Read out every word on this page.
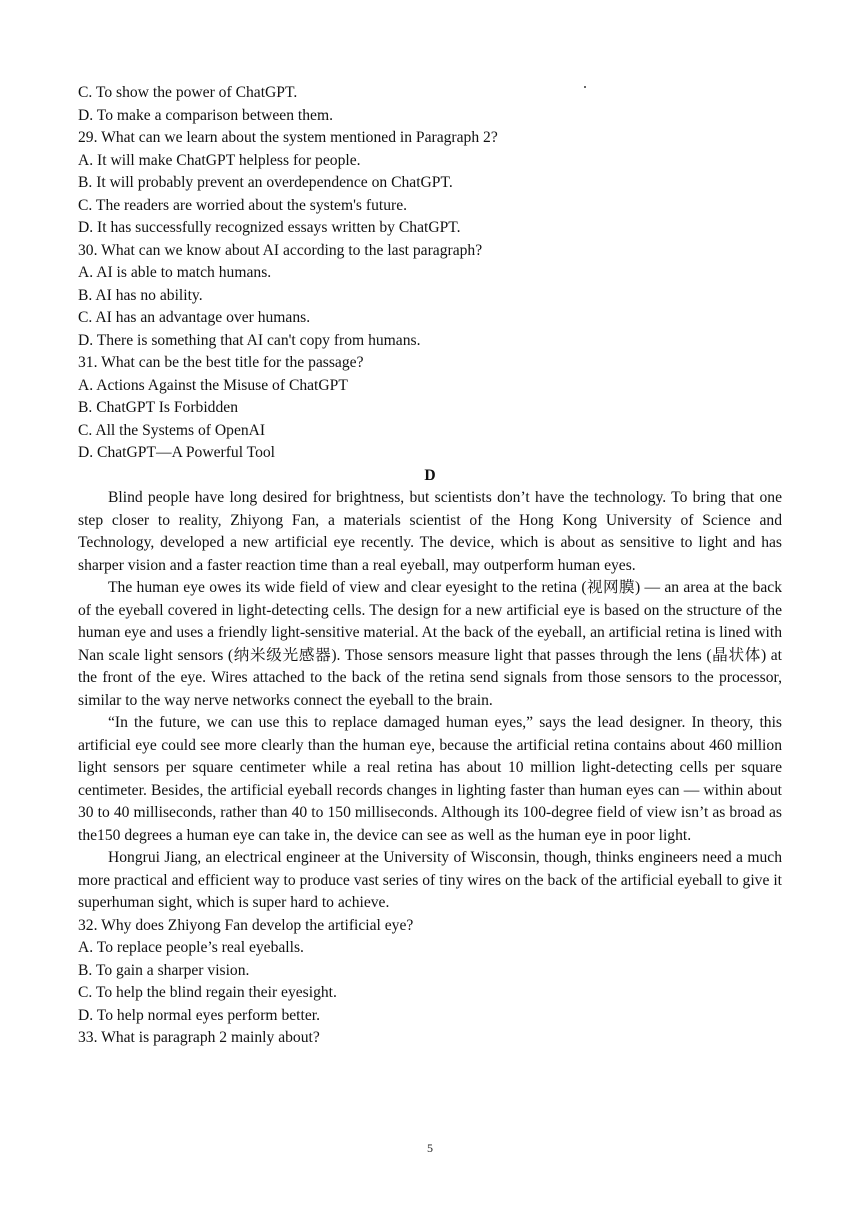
C. To show the power of ChatGPT.
D. To make a comparison between them.
29. What can we learn about the system mentioned in Paragraph 2?
A. It will make ChatGPT helpless for people.
B. It will probably prevent an overdependence on ChatGPT.
C. The readers are worried about the system's future.
D. It has successfully recognized essays written by ChatGPT.
30. What can we know about AI according to the last paragraph?
A. AI is able to match humans.
B. AI has no ability.
C. AI has an advantage over humans.
D. There is something that AI can't copy from humans.
31. What can be the best title for the passage?
A. Actions Against the Misuse of ChatGPT
B. ChatGPT Is Forbidden
C. All the Systems of OpenAI
D. ChatGPT—A Powerful Tool
D

Blind people have long desired for brightness, but scientists don’t have the technology. To bring that one step closer to reality, Zhiyong Fan, a materials scientist of the Hong Kong University of Science and Technology, developed a new artificial eye recently. The device, which is about as sensitive to light and has sharper vision and a faster reaction time than a real eyeball, may outperform human eyes.

The human eye owes its wide field of view and clear eyesight to the retina (视网膜) — an area at the back of the eyeball covered in light-detecting cells. The design for a new artificial eye is based on the structure of the human eye and uses a friendly light-sensitive material. At the back of the eyeball, an artificial retina is lined with Nan scale light sensors (纳米级光感器). Those sensors measure light that passes through the lens (晶状体) at the front of the eye. Wires attached to the back of the retina send signals from those sensors to the processor, similar to the way nerve networks connect the eyeball to the brain.

“In the future, we can use this to replace damaged human eyes,” says the lead designer. In theory, this artificial eye could see more clearly than the human eye, because the artificial retina contains about 460 million light sensors per square centimeter while a real retina has about 10 million light-detecting cells per square centimeter. Besides, the artificial eyeball records changes in lighting faster than human eyes can — within about 30 to 40 milliseconds, rather than 40 to 150 milliseconds. Although its 100-degree field of view isn’t as broad as the150 degrees a human eye can take in, the device can see as well as the human eye in poor light.

Hongrui Jiang, an electrical engineer at the University of Wisconsin, though, thinks engineers need a much more practical and efficient way to produce vast series of tiny wires on the back of the artificial eyeball to give it superhuman sight, which is super hard to achieve.

32. Why does Zhiyong Fan develop the artificial eye?
A. To replace people’s real eyeballs.
B. To gain a sharper vision.
C. To help the blind regain their eyesight.
D. To help normal eyes perform better.
33. What is paragraph 2 mainly about?
5
